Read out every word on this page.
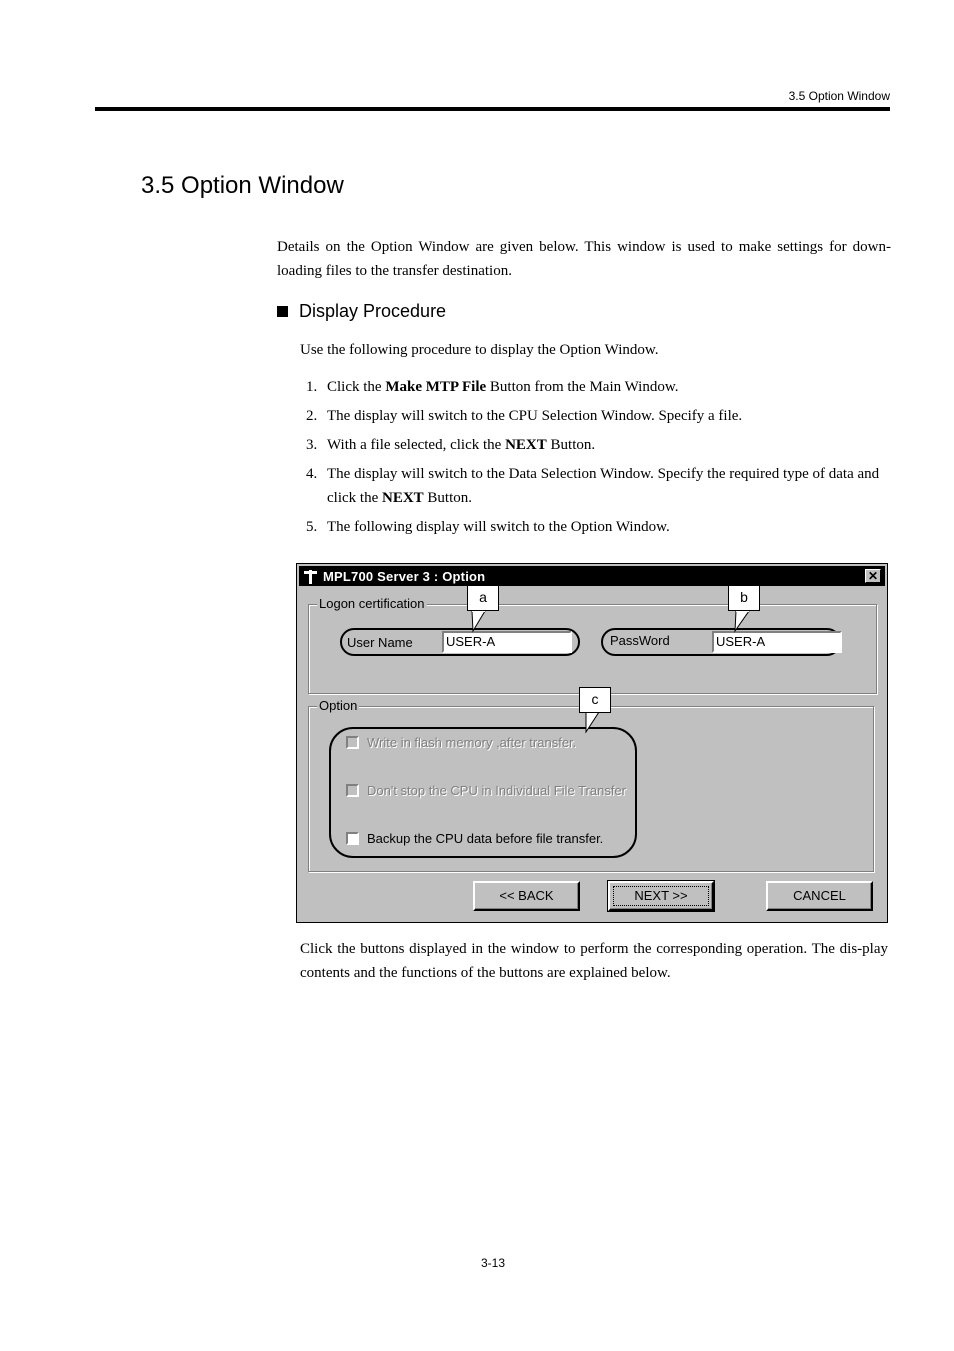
3.5 Option Window
3.5 Option Window

Details on the Option Window are given below. This window is used to make settings for down-loading files to the transfer destination.

Display Procedure

Use the following procedure to display the Option Window.

1. Click the Make MTP File Button from the Main Window.
2. The display will switch to the CPU Selection Window. Specify a file.
3. With a file selected, click the NEXT Button.
4. The display will switch to the Data Selection Window. Specify the required type of data and click the NEXT Button.
5. The following display will switch to the Option Window.
MPL700 Server 3 : Option	✕
Logon certification
User Name	USER-A	PassWord	USER-A
Option
Write in flash memory ,after transfer.
Don't stop the CPU in Individual File Transfer
Backup the CPU data before file transfer.
<< BACK	NEXT >>	CANCEL
a	b
c

Click the buttons displayed in the window to perform the corresponding operation. The dis-play contents and the functions of the buttons are explained below.

3-13
